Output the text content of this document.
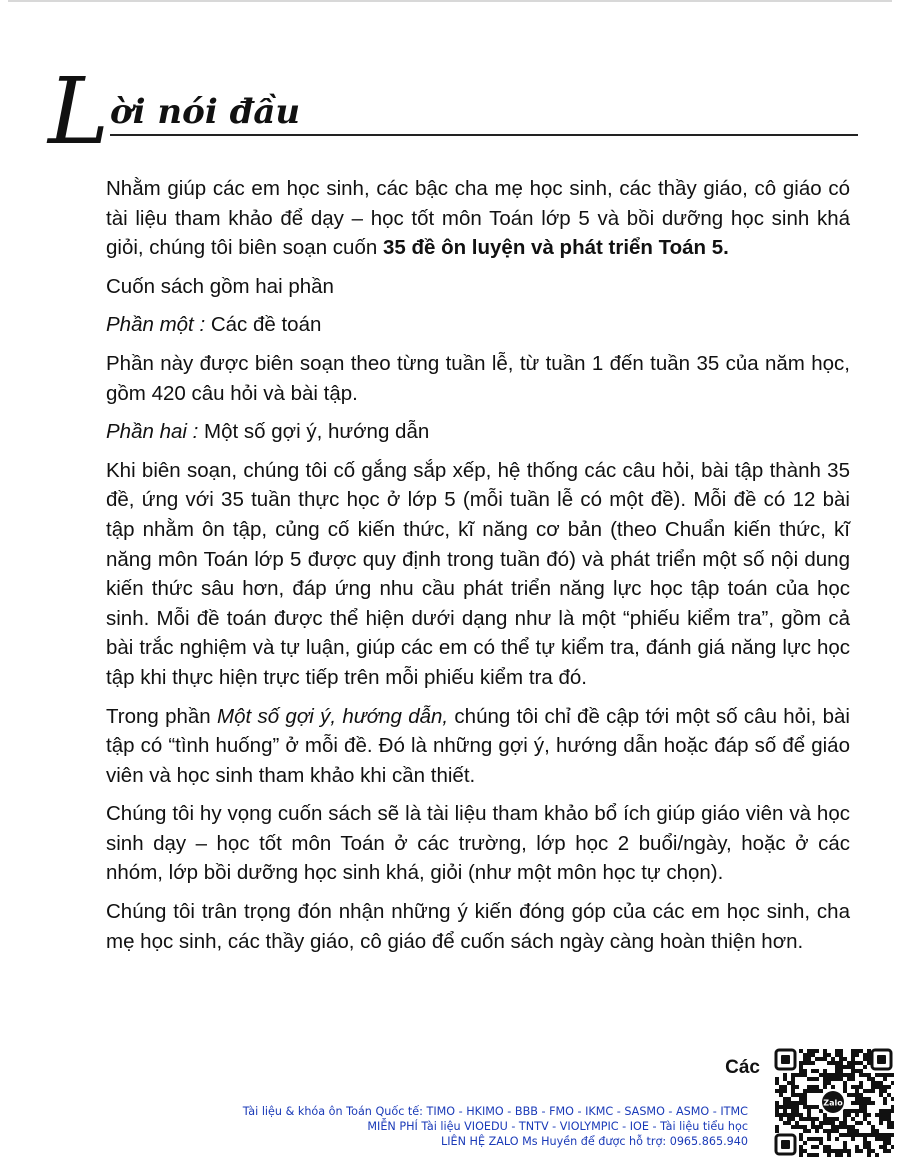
L ời nói đầu

Nhằm giúp các em học sinh, các bậc cha mẹ học sinh, các thầy giáo, cô giáo có tài liệu tham khảo để dạy – học tốt môn Toán lớp 5 và bồi dưỡng học sinh khá giỏi, chúng tôi biên soạn cuốn 35 đề ôn luyện và phát triển Toán 5.

Cuốn sách gồm hai phần

Phần một : Các đề toán

Phần này được biên soạn theo từng tuần lễ, từ tuần 1 đến tuần 35 của năm học, gồm 420 câu hỏi và bài tập.

Phần hai : Một số gợi ý, hướng dẫn

Khi biên soạn, chúng tôi cố gắng sắp xếp, hệ thống các câu hỏi, bài tập thành 35 đề, ứng với 35 tuần thực học ở lớp 5 (mỗi tuần lễ có một đề). Mỗi đề có 12 bài tập nhằm ôn tập, củng cố kiến thức, kĩ năng cơ bản (theo Chuẩn kiến thức, kĩ năng môn Toán lớp 5 được quy định trong tuần đó) và phát triển một số nội dung kiến thức sâu hơn, đáp ứng nhu cầu phát triển năng lực học tập toán của học sinh. Mỗi đề toán được thể hiện dưới dạng như là một “phiếu kiểm tra”, gồm cả bài trắc nghiệm và tự luận, giúp các em có thể tự kiểm tra, đánh giá năng lực học tập khi thực hiện trực tiếp trên mỗi phiếu kiểm tra đó.

Trong phần Một số gợi ý, hướng dẫn, chúng tôi chỉ đề cập tới một số câu hỏi, bài tập có “tình huống” ở mỗi đề. Đó là những gợi ý, hướng dẫn hoặc đáp số để giáo viên và học sinh tham khảo khi cần thiết.

Chúng tôi hy vọng cuốn sách sẽ là tài liệu tham khảo bổ ích giúp giáo viên và học sinh dạy – học tốt môn Toán ở các trường, lớp học 2 buổi/ngày, hoặc ở các nhóm, lớp bồi dưỡng học sinh khá, giỏi (như một môn học tự chọn).

Chúng tôi trân trọng đón nhận những ý kiến đóng góp của các em học sinh, cha mẹ học sinh, các thầy giáo, cô giáo để cuốn sách ngày càng hoàn thiện hơn.

Các
Tài liệu & khóa ôn Toán Quốc tế: TIMO - HKIMO - BBB - FMO - IKMC - SASMO - ASMO - ITMC
MIỄN PHÍ Tài liệu VIOEDU - TNTV - VIOLYMPIC - IOE - Tài liệu tiểu học
LIÊN HỆ ZALO Ms Huyền để được hỗ trợ: 0965.865.940
Zalo
